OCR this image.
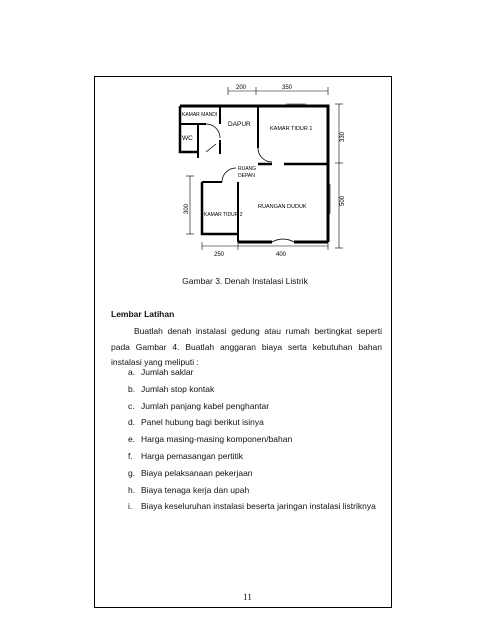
200	350
250	400
330
500
300
KAMAR MANDI
DAPUR
KAMAR TIDUR 1
WC
RUANG
DEPAN
RUANGAN DUDUK
KAMAR TIDUR 2
Gambar 3. Denah Instalasi Listrik
Lembar Latihan
Buatlah denah instalasi gedung atau rumah bertingkat seperti pada Gambar 4. Buatlah anggaran biaya serta kebutuhan bahan instalasi yang meliputi :
a. Jumlah saklar
b. Jumlah stop kontak
c. Jumlah panjang kabel penghantar
d. Panel hubung bagi berikut isinya
e. Harga masing-masing komponen/bahan
f. Harga pemasangan pertitik
g. Biaya pelaksanaan pekerjaan
h. Biaya tenaga kerja dan upah
i. Biaya keseluruhan instalasi beserta jaringan instalasi listriknya
11
